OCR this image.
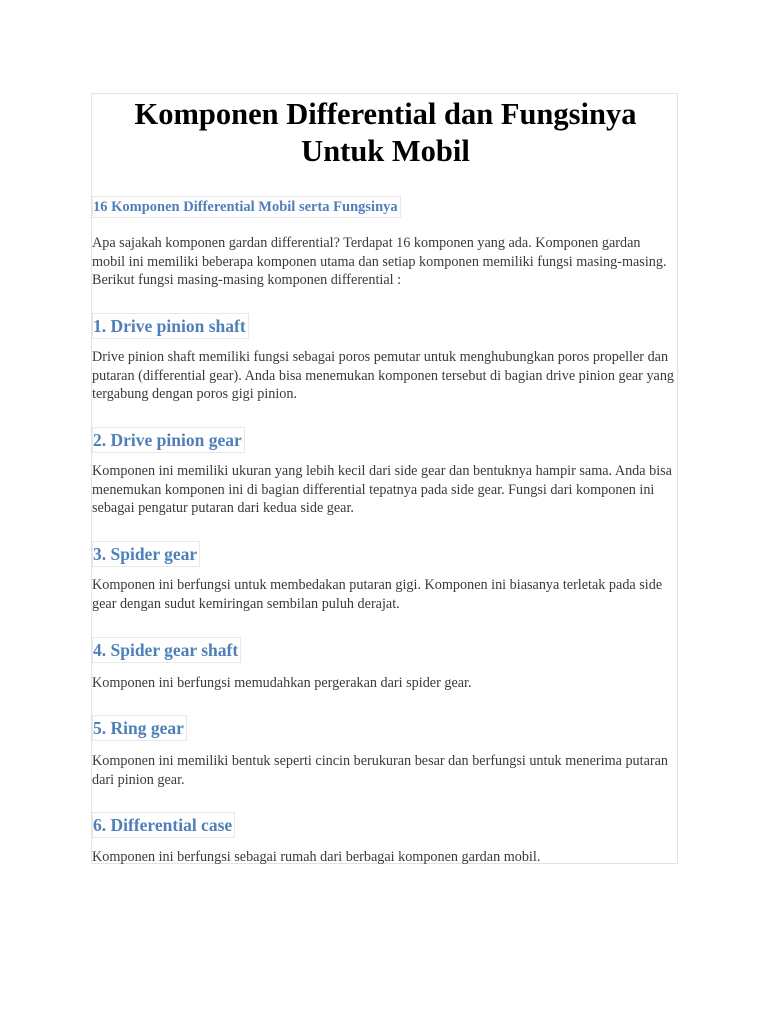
Komponen Differential dan Fungsinya Untuk Mobil
16 Komponen Differential Mobil serta Fungsinya

Apa sajakah komponen gardan differential? Terdapat 16 komponen yang ada. Komponen gardan mobil ini memiliki beberapa komponen utama dan setiap komponen memiliki fungsi masing-masing. Berikut fungsi masing-masing komponen differential :

1. Drive pinion shaft

Drive pinion shaft memiliki fungsi sebagai poros pemutar untuk menghubungkan poros propeller dan putaran (differential gear). Anda bisa menemukan komponen tersebut di bagian drive pinion gear yang tergabung dengan poros gigi pinion.

2. Drive pinion gear

Komponen ini memiliki ukuran yang lebih kecil dari side gear dan bentuknya hampir sama. Anda bisa menemukan komponen ini di bagian differential tepatnya pada side gear. Fungsi dari komponen ini sebagai pengatur putaran dari kedua side gear.

3. Spider gear

Komponen ini berfungsi untuk membedakan putaran gigi. Komponen ini biasanya terletak pada side gear dengan sudut kemiringan sembilan puluh derajat.

4. Spider gear shaft

Komponen ini berfungsi memudahkan pergerakan dari spider gear.

5. Ring gear

Komponen ini memiliki bentuk seperti cincin berukuran besar dan berfungsi untuk menerima putaran dari pinion gear.

6. Differential case

Komponen ini berfungsi sebagai rumah dari berbagai komponen gardan mobil.
